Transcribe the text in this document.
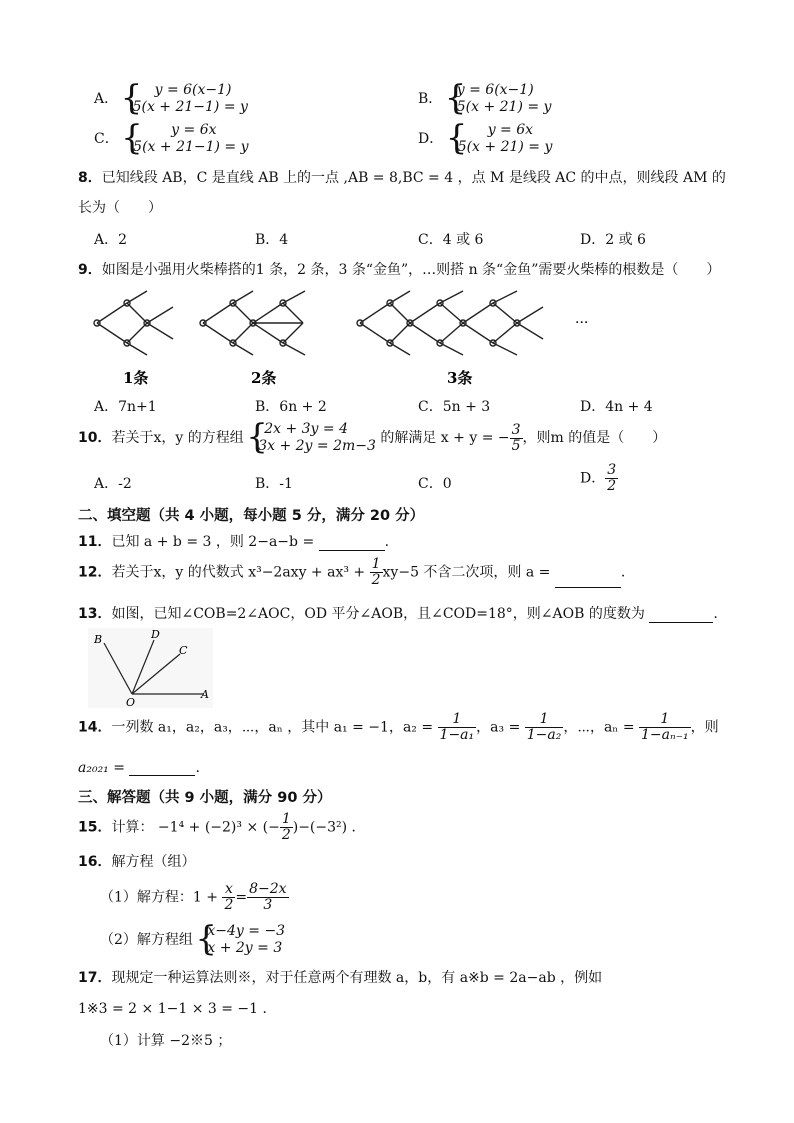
A．
{ y = 6(x−1)
5(x + 21−1) = y	B．
{ y = 6(x−1)
5(x + 21) = y
C．
{ y = 6x
5(x + 21−1) = y	D．
{ y = 6x
5(x + 21) = y
8．已知线段 AB，C 是直线 AB 上的一点 ,AB = 8,BC = 4 ，点 M 是线段 AC 的中点，则线段 AM 的
长为（　　）
A．2	B．4	C．4 或 6	D．2 或 6
9．如图是小强用火柴棒搭的1 条，2 条，3 条“金鱼”，…则搭 n 条“金鱼”需要火柴棒的根数是（　　）
···
1条	2条	3条
A．7n+1	B．6n + 2	C．5n + 3	D．4n + 4
10．若关于x，y 的方程组
{ 2x + 3y = 4
3x + 2y = 2m−3 的解满足 x + y = − $\frac{3}{5}$ ，则m 的值是（　　）
A．-2	B．-1	C．0	D． $\frac{3}{2}$
二、填空题（共 4 小题，每小题 5 分，满分 20 分）
11．已知 a + b = 3 ，则 2−a−b =	.
12．若关于x，y 的代数式 $x^3-2axy + ax^3 + \frac{1}{2} xy-5$ 不含二次项，则 a =	.
13．如图，已知∠COB=2∠AOC，OD 平分∠AOB，且∠COD=18°，则∠AOB 的度数为	.
B	D
C
O
A
14．一列数 a₁，a₂，a₃，⋯，aₙ ，其中 a₁ = −1，$a_2 = \frac{1}{\text{1−a₁}}$ ，$a_3 = \frac{1}{\text{1−a₂}}$ ，⋯，$a_n = \frac{1}{\text{1−aₙ₋₁}}$ ，则
a₂₀₂₁ =	.
三、解答题（共 9 小题，满分 90 分）
15．计算： −1⁴ + (−2)³ × (− $\frac{1}{2} )-(-3^2)$ ．
16．解方程（组）
（1）解方程：$1 + \frac{x}{2} = \frac{8-2x}{3}$
（2）解方程组
{ x−4y = −3
x + 2y = 3
17．现规定一种运算法则※，对于任意两个有理数 a，b，有 a※b = 2a−ab ，例如
1※3 = 2 × 1−1 × 3 = −1 ．
（1）计算 −2※5 ；
